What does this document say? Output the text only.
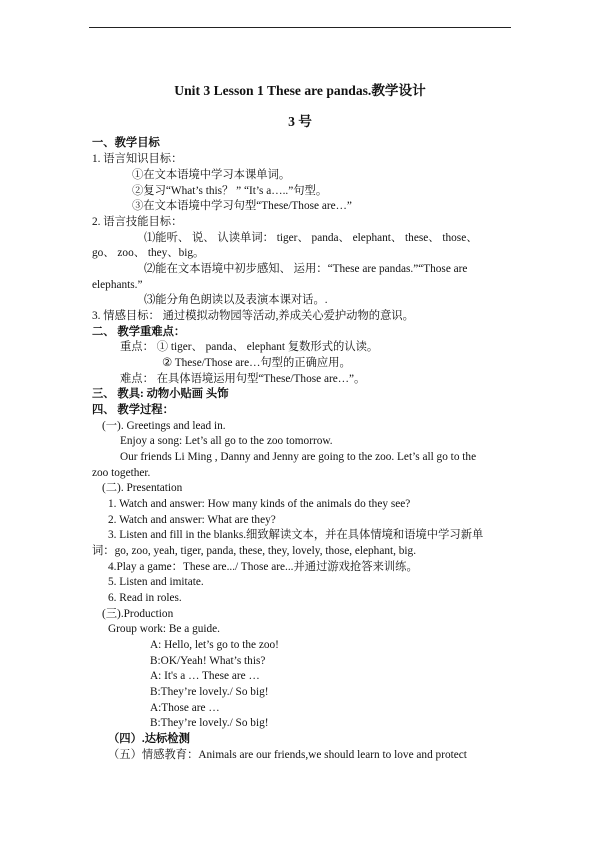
Unit 3 Lesson 1 These are pandas.教学设计
3 号
一、教学目标
1. 语言知识目标：
①在文本语境中学习本课单词。
②复习“What’s this？ ” “It’s a…..”句型。
③在文本语境中学习句型“These/Those are…”
2. 语言技能目标：
⑴能听、 说、 认读单词： tiger、 panda、 elephant、 these、 those、
go、 zoo、 they、big。
⑵能在文本语境中初步感知、 运用：“These are pandas.”“Those are
elephants.”
⑶能分角色朗读以及表演本课对话。.
3. 情感目标： 通过模拟动物园等活动,养成关心爱护动物的意识。
二、 教学重难点：
重点： ① tiger、 panda、 elephant 复数形式的认读。
② These/Those are…句型的正确应用。
难点： 在具体语境运用句型“These/Those are…”。
三、 教具: 动物小贴画 头饰
四、 教学过程：
(一). Greetings and lead in.
Enjoy a song: Let’s all go to the zoo tomorrow.
Our friends Li Ming , Danny and Jenny are going to the zoo. Let’s all go to the
zoo together.
(二). Presentation
1. Watch and answer: How many kinds of the animals do they see?
2. Watch and answer: What are they?
3. Listen and fill in the blanks.细致解读文本，并在具体情境和语境中学习新单
词：go, zoo, yeah, tiger, panda, these, they, lovely, those, elephant, big.
4.Play a game：These are.../ Those are...并通过游戏抢答来训练。
5. Listen and imitate.
6. Read in roles.
(三).Production
Group work: Be a guide.
A: Hello, let’s go to the zoo!
B:OK/Yeah! What’s this?
A: It's a … These are …
B:They’re lovely./ So big!
A:Those are …
B:They’re lovely./ So big!
（四）.达标检测
（五）情感教育：Animals are our friends,we should learn to love and protect
